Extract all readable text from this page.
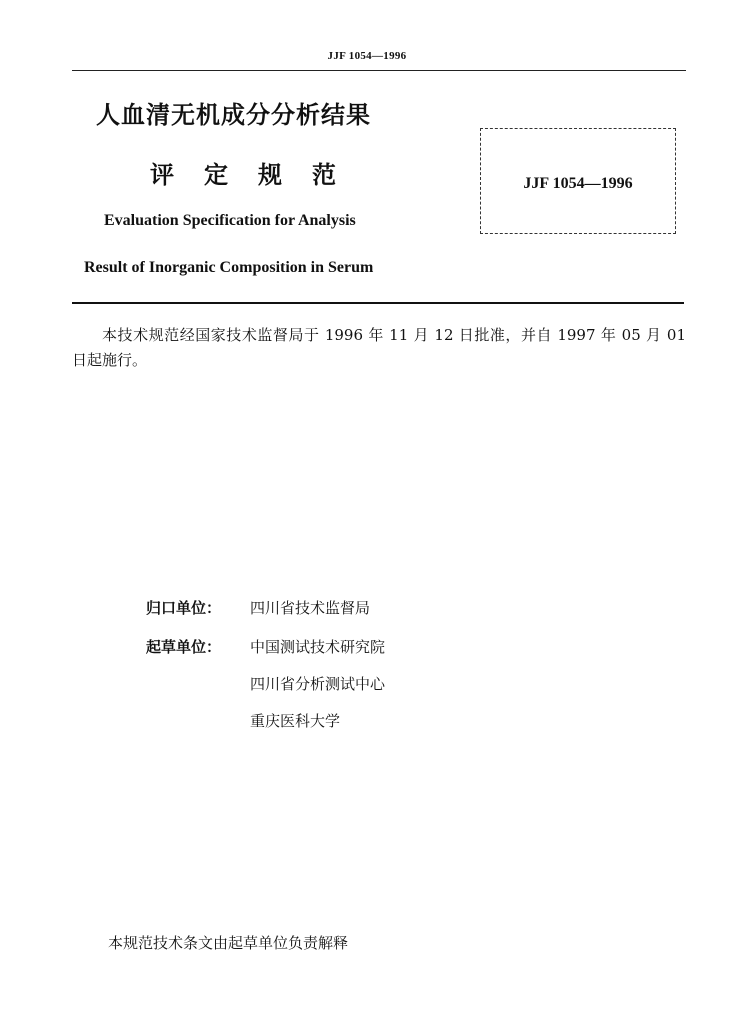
JJF 1054—1996
人血清无机成分分析结果
评定规范
Evaluation Specification for Analysis
Result of Inorganic Composition in Serum
JJF 1054—1996
本技术规范经国家技术监督局于 1996 年 11 月 12 日批准，并自 1997 年 05 月 01 日起施行。
归口单位： 四川省技术监督局
起草单位： 中国测试技术研究院
四川省分析测试中心
重庆医科大学
本规范技术条文由起草单位负责解释
